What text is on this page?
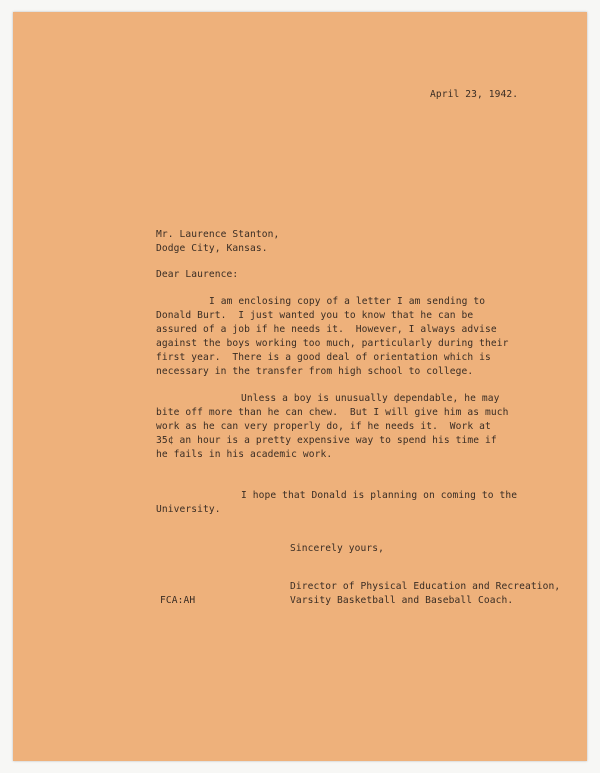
April 23, 1942.
Mr. Laurence Stanton,
Dodge City, Kansas.
Dear Laurence:
I am enclosing copy of a letter I am sending to
Donald Burt.  I just wanted you to know that he can be
assured of a job if he needs it.  However, I always advise
against the boys working too much, particularly during their
first year.  There is a good deal of orientation which is
necessary in the transfer from high school to college.
Unless a boy is unusually dependable, he may
bite off more than he can chew.  But I will give him as much
work as he can very properly do, if he needs it.  Work at
35¢ an hour is a pretty expensive way to spend his time if
he fails in his academic work.
I hope that Donald is planning on coming to the
University.
Sincerely yours,
Director of Physical Education and Recreation,
FCA:AH	Varsity Basketball and Baseball Coach.
